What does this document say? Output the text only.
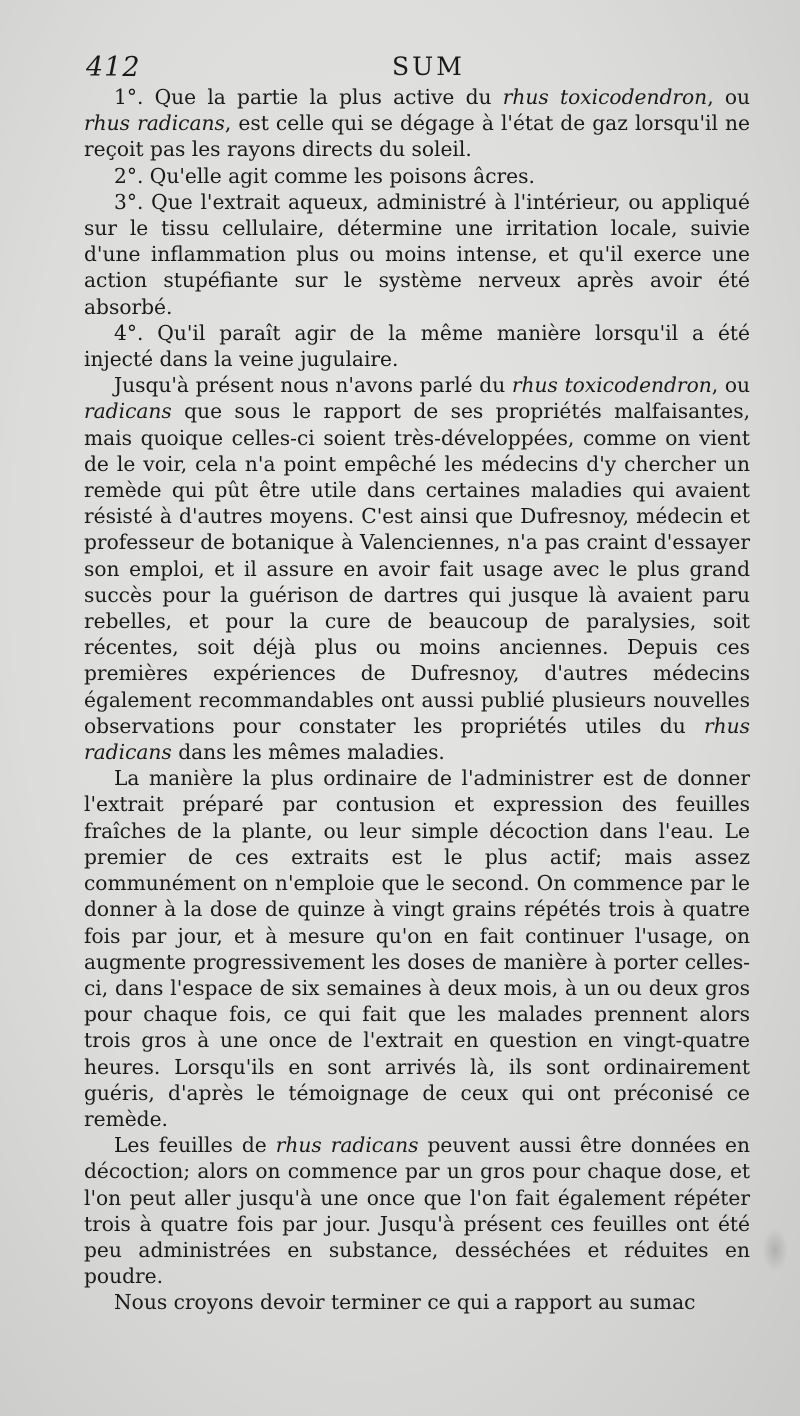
412	SUM

1°. Que la partie la plus active du rhus toxicodendron, ou rhus radicans, est celle qui se dégage à l'état de gaz lorsqu'il ne reçoit pas les rayons directs du soleil.

2°. Qu'elle agit comme les poisons âcres.

3°. Que l'extrait aqueux, administré à l'intérieur, ou appliqué sur le tissu cellulaire, détermine une irritation locale, suivie d'une inflammation plus ou moins intense, et qu'il exerce une action stupéfiante sur le système nerveux après avoir été absorbé.

4°. Qu'il paraît agir de la même manière lorsqu'il a été injecté dans la veine jugulaire.

Jusqu'à présent nous n'avons parlé du rhus toxicodendron, ou radicans que sous le rapport de ses propriétés malfaisantes, mais quoique celles-ci soient très-développées, comme on vient de le voir, cela n'a point empêché les médecins d'y chercher un remède qui pût être utile dans certaines maladies qui avaient résisté à d'autres moyens. C'est ainsi que Dufresnoy, médecin et professeur de botanique à Valenciennes, n'a pas craint d'essayer son emploi, et il assure en avoir fait usage avec le plus grand succès pour la guérison de dartres qui jusque là avaient paru rebelles, et pour la cure de beaucoup de paralysies, soit récentes, soit déjà plus ou moins anciennes. Depuis ces premières expériences de Dufresnoy, d'autres médecins également recommandables ont aussi publié plusieurs nouvelles observations pour constater les propriétés utiles du rhus radicans dans les mêmes maladies.

La manière la plus ordinaire de l'administrer est de donner l'extrait préparé par contusion et expression des feuilles fraîches de la plante, ou leur simple décoction dans l'eau. Le premier de ces extraits est le plus actif; mais assez communément on n'emploie que le second. On commence par le donner à la dose de quinze à vingt grains répétés trois à quatre fois par jour, et à mesure qu'on en fait continuer l'usage, on augmente progressivement les doses de manière à porter celles-ci, dans l'espace de six semaines à deux mois, à un ou deux gros pour chaque fois, ce qui fait que les malades prennent alors trois gros à une once de l'extrait en question en vingt-quatre heures. Lorsqu'ils en sont arrivés là, ils sont ordinairement guéris, d'après le témoignage de ceux qui ont préconisé ce remède.

Les feuilles de rhus radicans peuvent aussi être données en décoction; alors on commence par un gros pour chaque dose, et l'on peut aller jusqu'à une once que l'on fait également répéter trois à quatre fois par jour. Jusqu'à présent ces feuilles ont été peu administrées en substance, desséchées et réduites en poudre.

Nous croyons devoir terminer ce qui a rapport au sumac
